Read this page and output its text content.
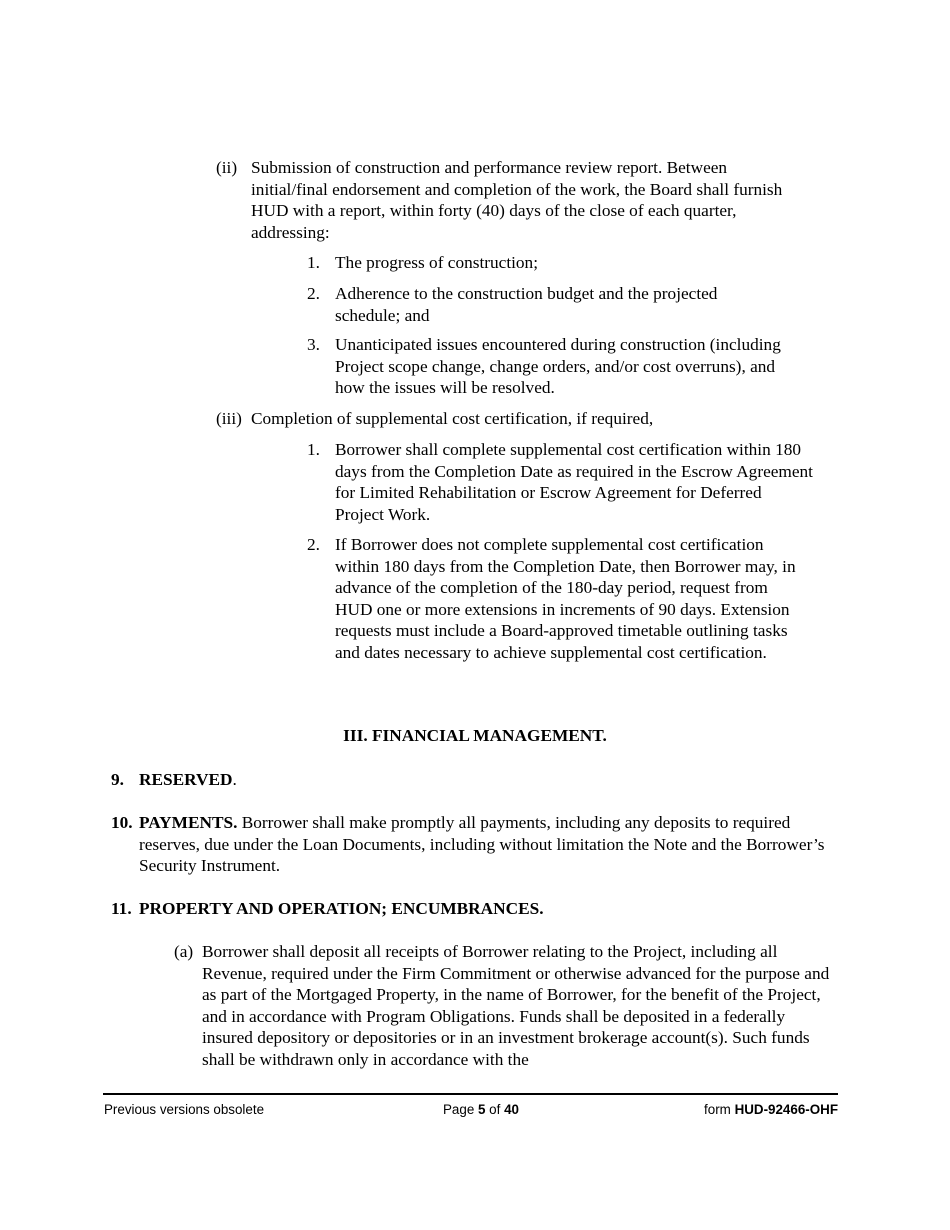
(ii) Submission of construction and performance review report. Between initial/final endorsement and completion of the work, the Board shall furnish HUD with a report, within forty (40) days of the close of each quarter, addressing:
1. The progress of construction;
2. Adherence to the construction budget and the projected schedule; and
3. Unanticipated issues encountered during construction (including Project scope change, change orders, and/or cost overruns), and how the issues will be resolved.
(iii) Completion of supplemental cost certification, if required,
1. Borrower shall complete supplemental cost certification within 180 days from the Completion Date as required in the Escrow Agreement for Limited Rehabilitation or Escrow Agreement for Deferred Project Work.
2. If Borrower does not complete supplemental cost certification within 180 days from the Completion Date, then Borrower may, in advance of the completion of the 180-day period, request from HUD one or more extensions in increments of 90 days. Extension requests must include a Board-approved timetable outlining tasks and dates necessary to achieve supplemental cost certification.
III. FINANCIAL MANAGEMENT.
9. RESERVED.
10. PAYMENTS. Borrower shall make promptly all payments, including any deposits to required reserves, due under the Loan Documents, including without limitation the Note and the Borrower’s Security Instrument.
11. PROPERTY AND OPERATION; ENCUMBRANCES.
(a) Borrower shall deposit all receipts of Borrower relating to the Project, including all Revenue, required under the Firm Commitment or otherwise advanced for the purpose and as part of the Mortgaged Property, in the name of Borrower, for the benefit of the Project, and in accordance with Program Obligations. Funds shall be deposited in a federally insured depository or depositories or in an investment brokerage account(s). Such funds shall be withdrawn only in accordance with the
Previous versions obsolete	Page 5 of 40	form HUD-92466-OHF
